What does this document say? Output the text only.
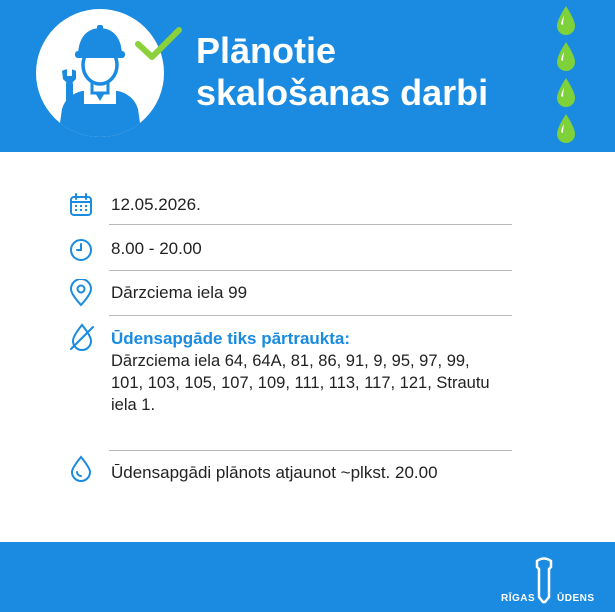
Plānotie
skalošanas darbi
12.05.2026.
8.00 - 20.00
Dārzciema iela 99
Ūdensapgāde tiks pārtraukta:
Dārzciema iela 64, 64A, 81, 86, 91, 9, 95, 97, 99, 101, 103, 105, 107, 109, 111, 113, 117, 121, Strautu iela 1.
Ūdensapgādi plānots atjaunot ~plkst. 20.00
RĪGAS ŪDENS
